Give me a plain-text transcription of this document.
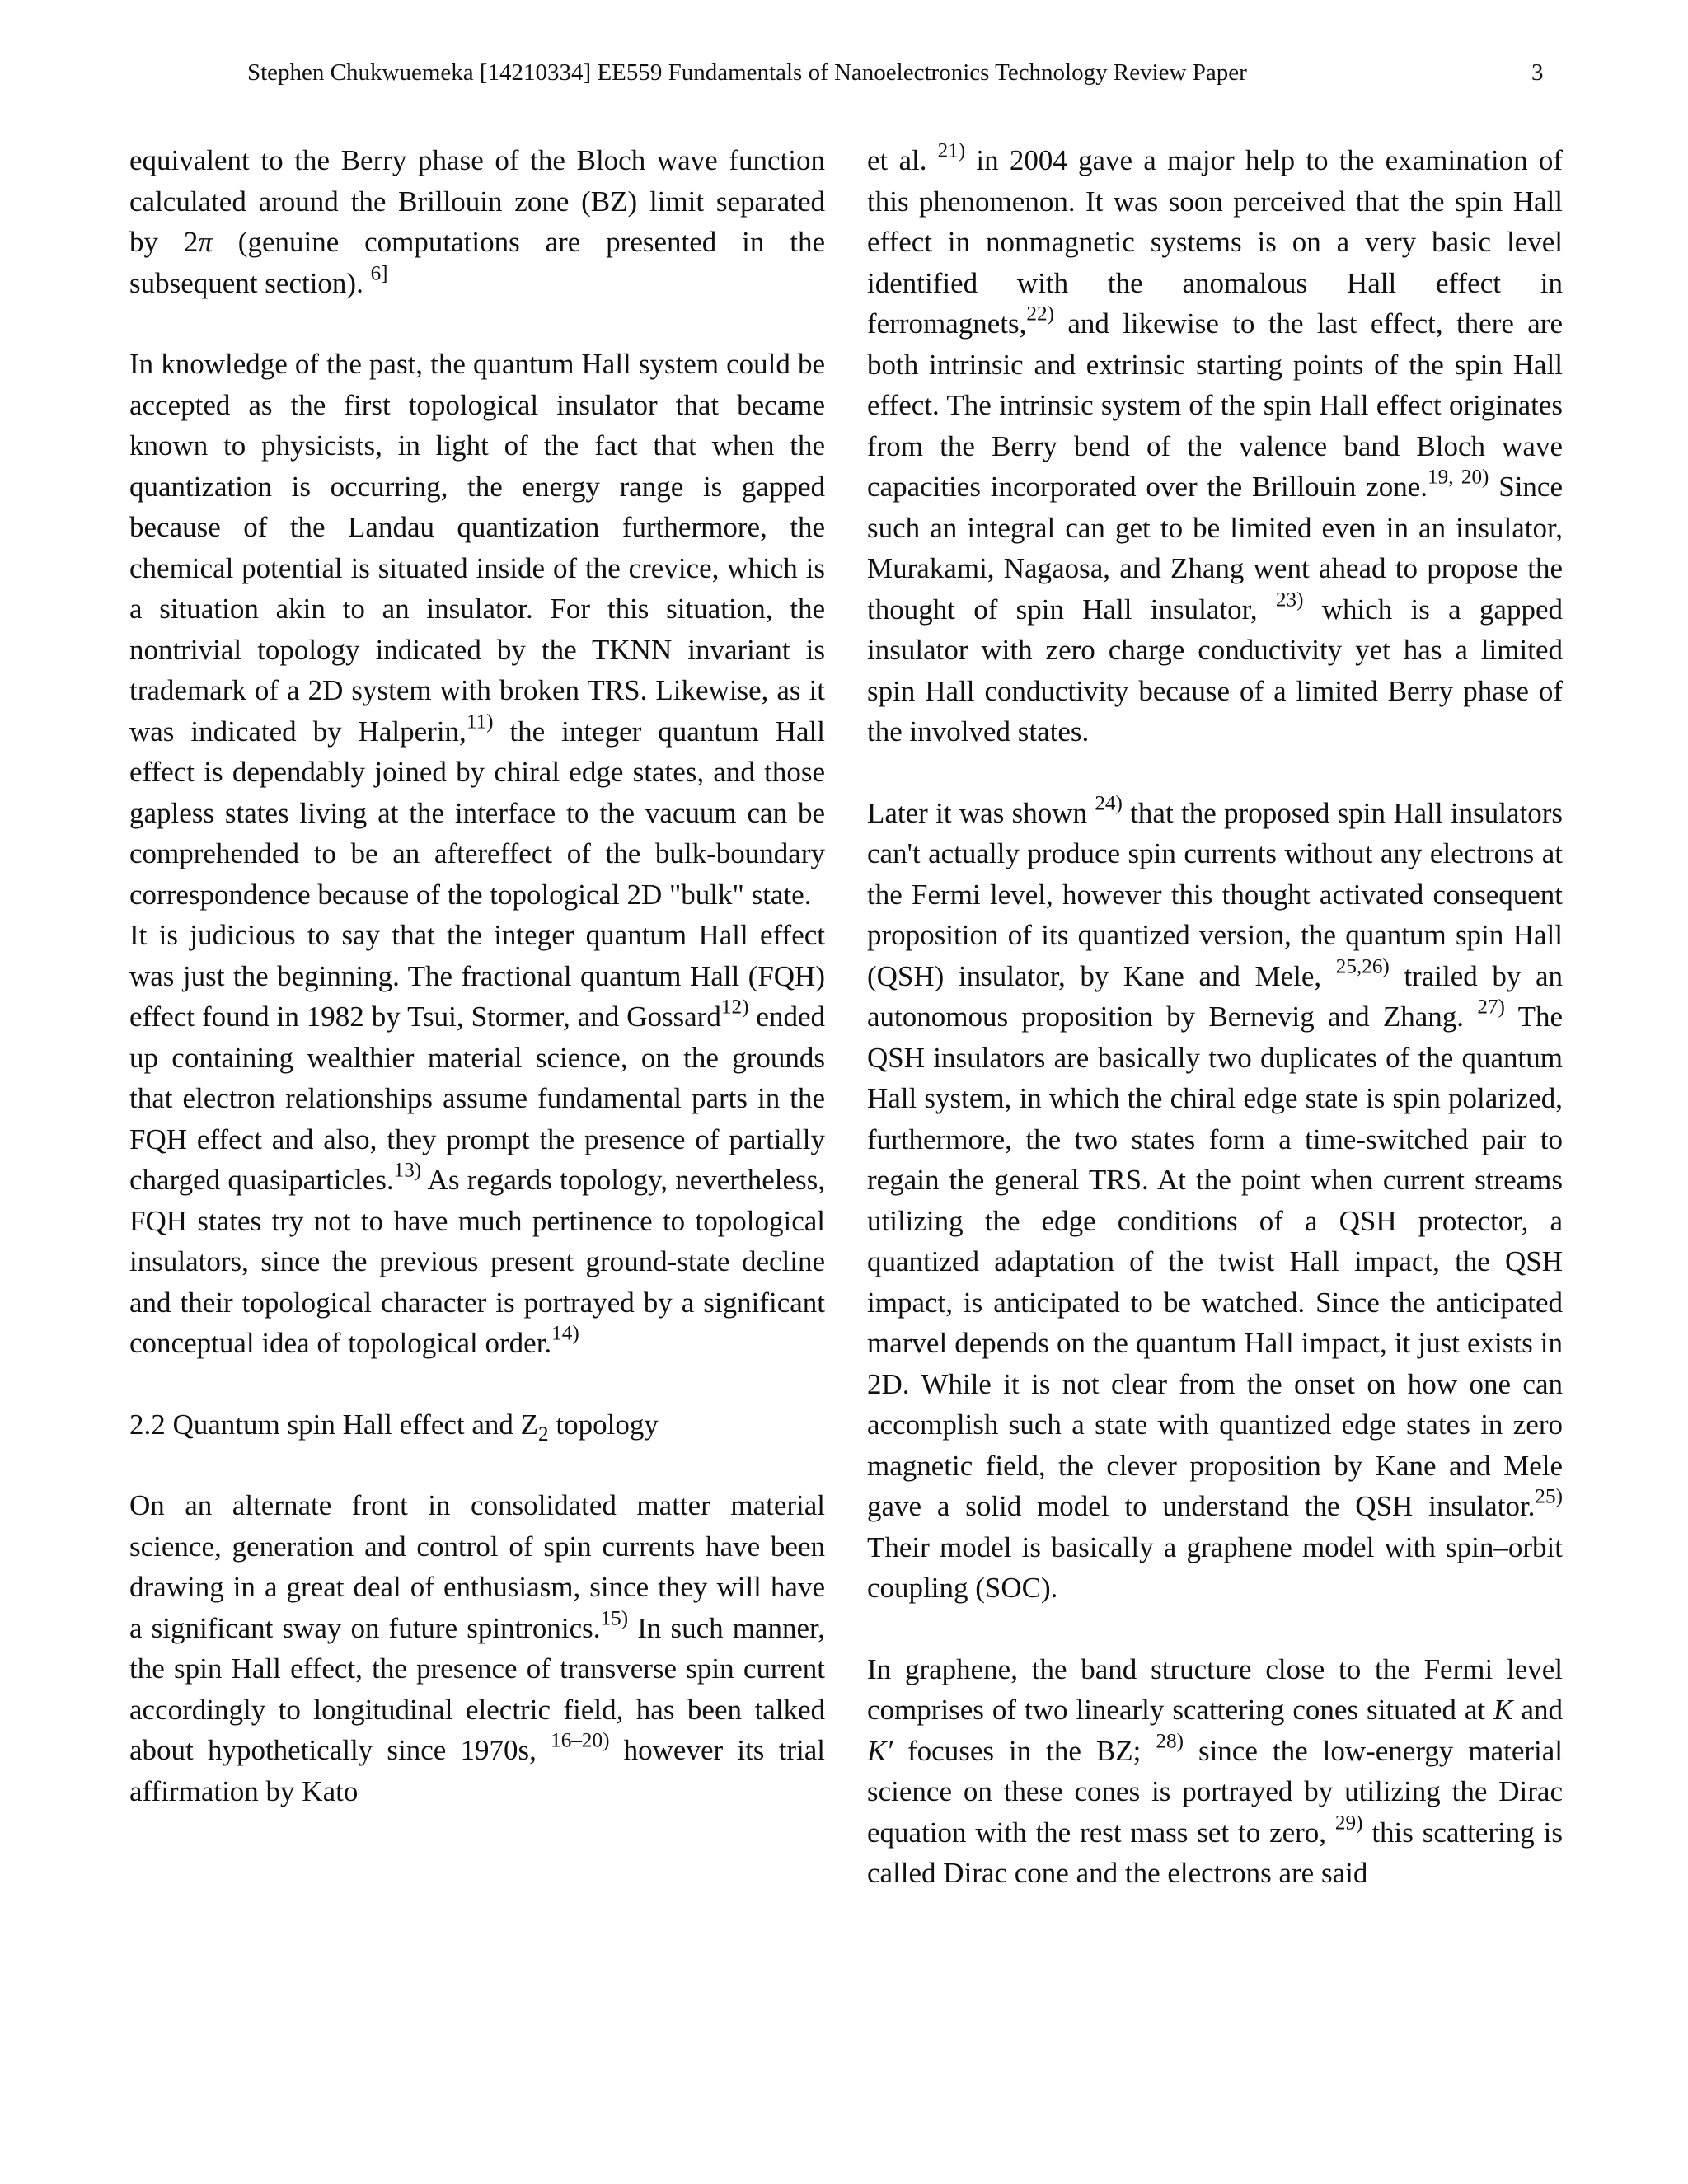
Stephen Chukwuemeka [14210334] EE559 Fundamentals of Nanoelectronics Technology Review Paper	3

equivalent to the Berry phase of the Bloch wave function calculated around the Brillouin zone (BZ) limit separated by 2π (genuine computations are presented in the subsequent section). $^{6]}$

In knowledge of the past, the quantum Hall system could be accepted as the first topological insulator that became known to physicists, in light of the fact that when the quantization is occurring, the energy range is gapped because of the Landau quantization furthermore, the chemical potential is situated inside of the crevice, which is a situation akin to an insulator. For this situation, the nontrivial topology indicated by the TKNN invariant is trademark of a 2D system with broken TRS. Likewise, as it was indicated by Halperin,$^{11)}$ the integer quantum Hall effect is dependably joined by chiral edge states, and those gapless states living at the interface to the vacuum can be comprehended to be an aftereffect of the bulk-boundary correspondence because of the topological 2D "bulk" state.

It is judicious to say that the integer quantum Hall effect was just the beginning. The fractional quantum Hall (FQH) effect found in 1982 by Tsui, Stormer, and Gossard$^{12)}$ ended up containing wealthier material science, on the grounds that electron relationships assume fundamental parts in the FQH effect and also, they prompt the presence of partially charged quasiparticles.$^{13)}$ As regards topology, nevertheless, FQH states try not to have much pertinence to topological insulators, since the previous present ground-state decline and their topological character is portrayed by a significant conceptual idea of topological order.$^{14)}$

2.2 Quantum spin Hall effect and $Z_2$ topology

On an alternate front in consolidated matter material science, generation and control of spin currents have been drawing in a great deal of enthusiasm, since they will have a significant sway on future spintronics.$^{15)}$ In such manner, the spin Hall effect, the presence of transverse spin current accordingly to longitudinal electric field, has been talked about hypothetically since 1970s, $^{16-20)}$ however its trial affirmation by Kato

et al. $^{21)}$ in 2004 gave a major help to the examination of this phenomenon. It was soon perceived that the spin Hall effect in nonmagnetic systems is on a very basic level identified with the anomalous Hall effect in ferromagnets,$^{22)}$ and likewise to the last effect, there are both intrinsic and extrinsic starting points of the spin Hall effect. The intrinsic system of the spin Hall effect originates from the Berry bend of the valence band Bloch wave capacities incorporated over the Brillouin zone.$^{19, 20)}$ Since such an integral can get to be limited even in an insulator, Murakami, Nagaosa, and Zhang went ahead to propose the thought of spin Hall insulator, $^{23)}$ which is a gapped insulator with zero charge conductivity yet has a limited spin Hall conductivity because of a limited Berry phase of the involved states.

Later it was shown $^{24)}$ that the proposed spin Hall insulators can't actually produce spin currents without any electrons at the Fermi level, however this thought activated consequent proposition of its quantized version, the quantum spin Hall (QSH) insulator, by Kane and Mele, $^{25,26)}$ trailed by an autonomous proposition by Bernevig and Zhang. $^{27)}$ The QSH insulators are basically two duplicates of the quantum Hall system, in which the chiral edge state is spin polarized, furthermore, the two states form a time-switched pair to regain the general TRS. At the point when current streams utilizing the edge conditions of a QSH protector, a quantized adaptation of the twist Hall impact, the QSH impact, is anticipated to be watched. Since the anticipated marvel depends on the quantum Hall impact, it just exists in 2D. While it is not clear from the onset on how one can accomplish such a state with quantized edge states in zero magnetic field, the clever proposition by Kane and Mele gave a solid model to understand the QSH insulator.$^{25)}$ Their model is basically a graphene model with spin–orbit coupling (SOC).

In graphene, the band structure close to the Fermi level comprises of two linearly scattering cones situated at K and K′ focuses in the BZ; $^{28)}$ since the low-energy material science on these cones is portrayed by utilizing the Dirac equation with the rest mass set to zero, $^{29)}$ this scattering is called Dirac cone and the electrons are said
